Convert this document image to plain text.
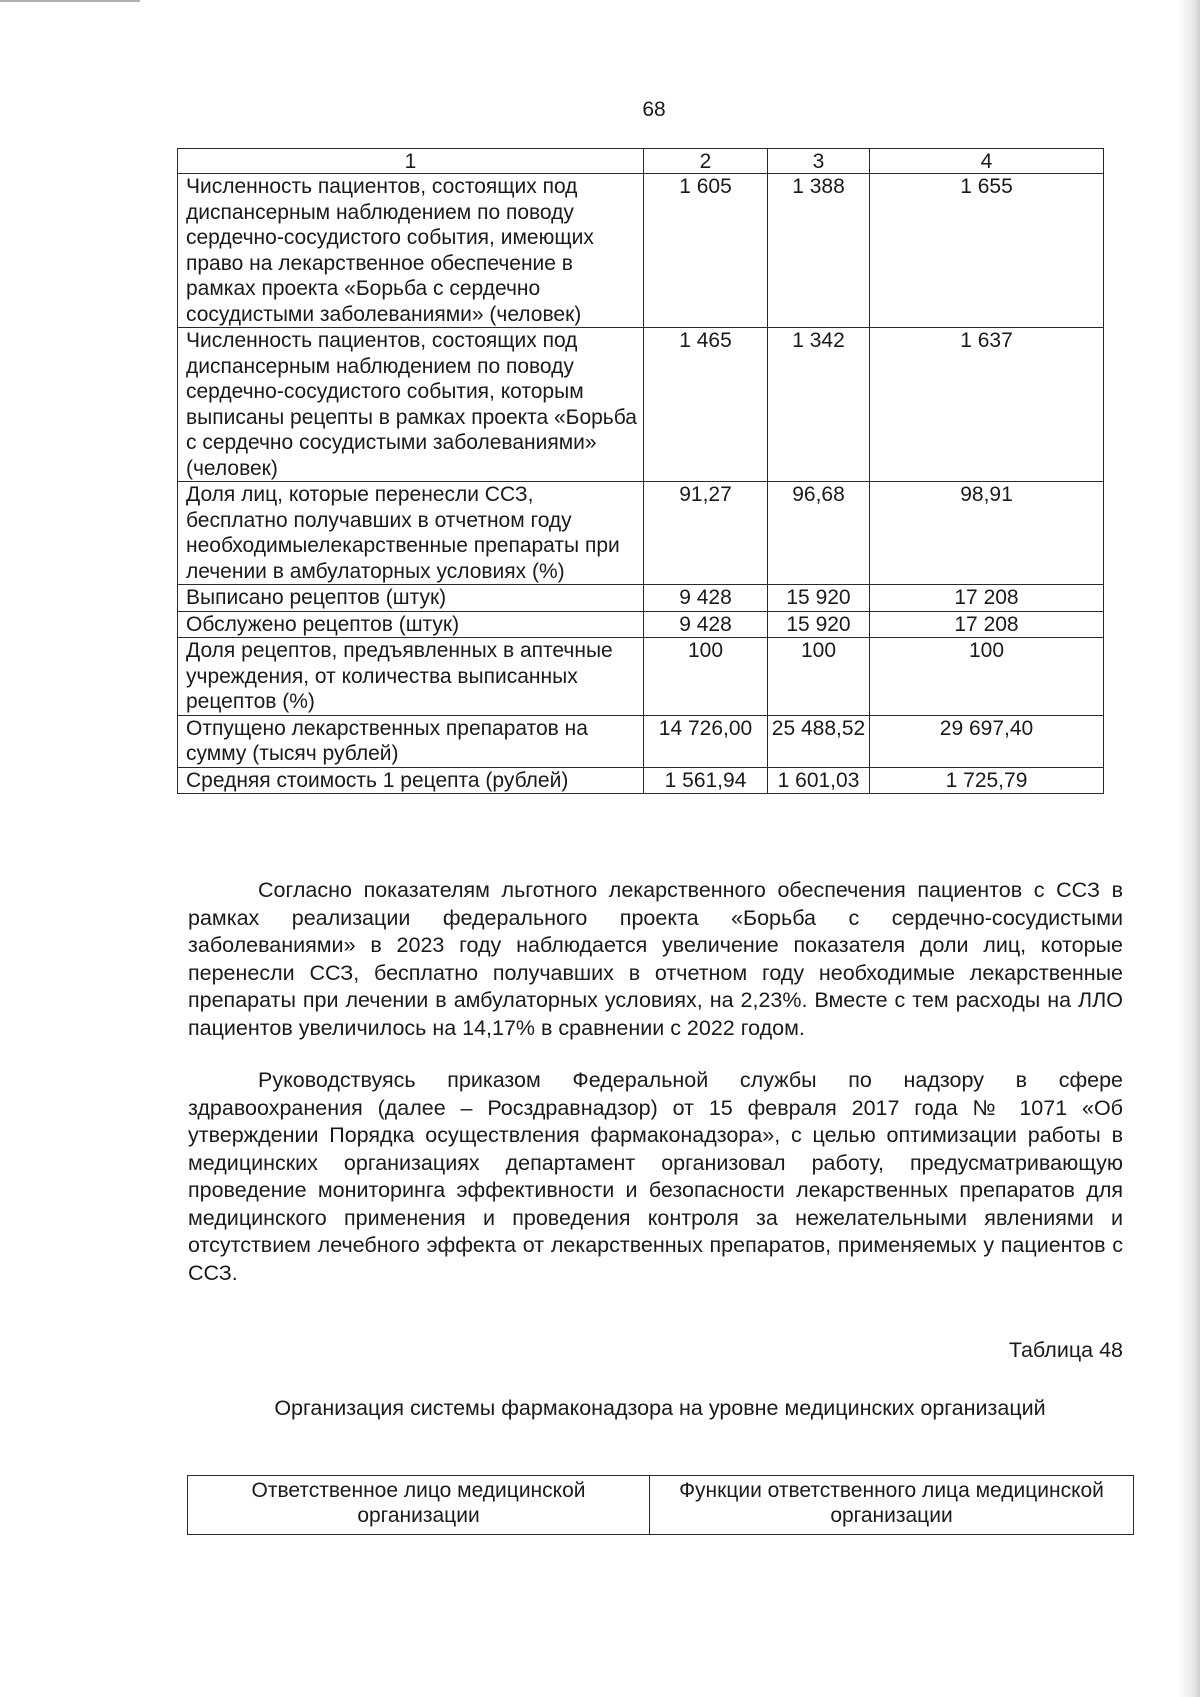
68
1	2	3	4
Численность пациентов, состоящих под диспансерным наблюдением по поводу сердечно-сосудистого события, имеющих право на лекарственное обеспечение в рамках проекта «Борьба с сердечно сосудистыми заболеваниями» (человек)	1 605	1 388	1 655
Численность пациентов, состоящих под диспансерным наблюдением по поводу сердечно-сосудистого события, которым выписаны рецепты в рамках проекта «Борьба с сердечно сосудистыми заболеваниями» (человек)	1 465	1 342	1 637
Доля лиц, которые перенесли ССЗ, бесплатно получавших в отчетном году необходимыелекарственные препараты при лечении в амбулаторных условиях (%)	91,27	96,68	98,91
Выписано рецептов (штук)	9 428	15 920	17 208
Обслужено рецептов (штук)	9 428	15 920	17 208
Доля рецептов, предъявленных в аптечные учреждения, от количества выписанных рецептов (%)	100	100	100
Отпущено лекарственных препаратов на сумму (тысяч рублей)	14 726,00	25 488,52	29 697,40
Средняя стоимость 1 рецепта (рублей)	1 561,94	1 601,03	1 725,79

Согласно показателям льготного лекарственного обеспечения пациентов с ССЗ в рамках реализации федерального проекта «Борьба с сердечно-сосудистыми заболеваниями» в 2023 году наблюдается увеличение показателя доли лиц, которые перенесли ССЗ, бесплатно получавших в отчетном году необходимые лекарственные препараты при лечении в амбулаторных условиях, на 2,23%. Вместе с тем расходы на ЛЛО пациентов увеличилось на 14,17% в сравнении с 2022 годом.

Руководствуясь приказом Федеральной службы по надзору в сфере здравоохранения (далее – Росздравнадзор) от 15 февраля 2017 года № 1071 «Об утверждении Порядка осуществления фармаконадзора», с целью оптимизации работы в медицинских организациях департамент организовал работу, предусматривающую проведение мониторинга эффективности и безопасности лекарственных препаратов для медицинского применения и проведения контроля за нежелательными явлениями и отсутствием лечебного эффекта от лекарственных препаратов, применяемых у пациентов с ССЗ.

Таблица 48
Организация системы фармаконадзора на уровне медицинских организаций
Ответственное лицо медицинской организации	Функции ответственного лица медицинской организации
